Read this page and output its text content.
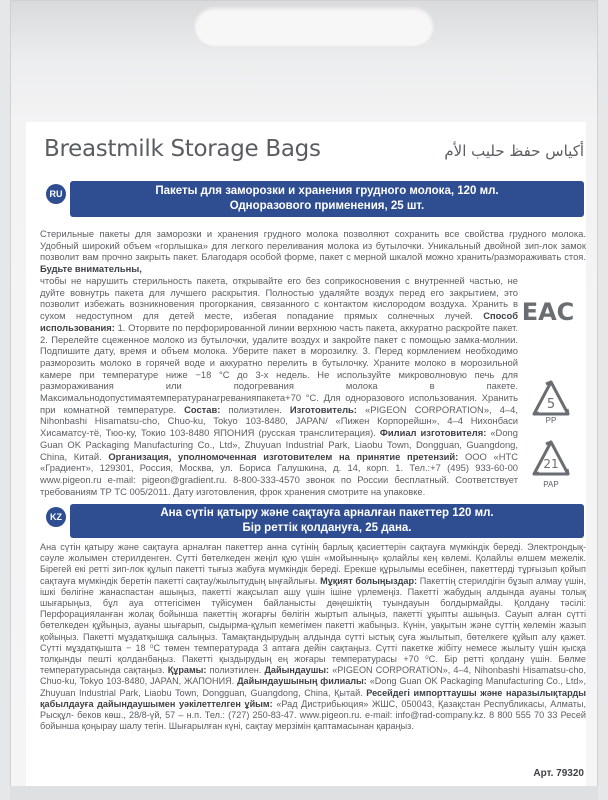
Breastmilk Storage Bags	أكياس حفظ حليب الأم
RU	Пакеты для заморозки и хранения грудного молока, 120 мл.
Одноразового применения, 25 шт.
Стерильные пакеты для заморозки и хранения грудного молока позволяют сохранить все свойства грудного молока. Удобный широкий объем «горлышка» для легкого переливания молока из бутылочки. Уникальный двойной зип-лок замок позволит вам прочно закрыть пакет. Благодаря особой форме, пакет с мерной шкалой можно хранить/размораживать стоя. Будьте внимательны,
чтобы не нарушить стерильность пакета, открывайте его без соприкосновения с внутренней частью, не дуйте вовнутрь пакета для лучшего раскрытия. Полностью удаляйте воздух перед его закрытием, это позволит избежать возникновения прогоркания, связанного с контактом кислородом воздуха. Хранить в сухом недоступном для детей месте, избегая попадание прямых солнечных лучей. Способ использования: 1. Оторвите по перфорированной линии верхнюю часть пакета, аккуратно раскройте пакет. 2. Перелейте сцеженное молоко из бутылочки, удалите воздух и закройте пакет с помощью замка-молнии. Подпишите дату, время и объем молока. Уберите пакет в морозилку. 3. Перед кормлением необходимо разморозить молоко в горячей воде и аккуратно перелить в бутылочку. Храните молоко в морозильной камере при температуре ниже −18 °С до 3-х недель. Не используйте микроволновую печь для размораживания или подогревания молока в пакете. Максимальнодопустимаятемпературанагреванияпакета+70 °С. Для одноразового использования. Хранить при комнатной температуре. Состав: полиэтилен. Изготовитель: «PIGEON CORPORATION», 4–4, Nihonbashi Hisamatsu-cho, Chuo-ku, Tokyo 103-8480, JAPAN/ «Пижен Корпорейшн», 4–4 Нихонбаси Хисаматсу-тё, Тюо-ку, Токио 103-8480 ЯПОНИЯ (русская транслитерация). Филиал изготовителя: «Dong Guan OK Packaging Manufacturing Co., Ltd», Zhuyuan Industrial Park, Liaobu Town, Dongguan, Guangdong, China, Китай. Организация, уполномоченная изготовителем на принятие претензий: ООО «НТС «Градиент», 129301, Россия, Москва, ул. Бориса Галушкина, д. 14, корп. 1. Тел.:+7 (495) 933-60-00 www.pigeon.ru e-mail: pigeon@gradient.ru. 8-800-333-4570 звонок по России бесплатный. Соответствует требованиям ТР ТС 005/2011. Дату изготовления, фрок хранения смотрите на упаковке.
EAC
5
PP
21
PAP
KZ	Ана сүтін қатыру және сақтауға арналған пакеттер 120 мл.
Бір реттік қолдануға, 25 дана.
Ана сүтін қатыру және сақтауға арналған пакеттер анна сүтінің барлық қасиеттерін сақтауға мүмкіндік береді. Электрондық-сәуле жолымен стерилденген. Сүтті бөтелкеден жеңіл құю үшін «мойынның» қолайлы кең көлемі. Қолайлы өлшем межелік. Бірегей екі ретті зип-лок құлып пакетті тығыз жабуға мүмкіндік береді. Ерекше құрылымы есебінен, пакеттерді тұрғызып қойып сақтауға мүмкіндік беретін пакетті сақтау/жылытудың ыңғайлығы. Мұқият болыңыздар: Пакеттің стерилдігін бұзып алмау үшін, ішкі бөлігіне жанаспастан ашыңыз, пакетті жақсылап ашу үшін ішіне үрлемеңіз. Пакетті жабудың алдында ауаны толық шығарыңыз, бұл ауа оттегісімен түйісумен байланысты дөңешіктің туындауын болдырмайды. Қолдану тәсілі: Перфорацияланған жолақ бойынша пакеттің жоғарғы бөлігін жыртып алыңыз, пакетті ұқыпты ашыңыз. Сауып алған сүтті бөтелкеден құйыңыз, ауаны шығарып, сыдырма-құлып кемегімен пакетті жабыңыз. Күнін, уақытын және сүттің көлемін жазып қойыңыз. Пакетті мұздатқышқа салыңыз. Тамақтандырудың алдында сүтті ыстық суға жылытып, бөтелкеге құйып алу қажет. Сүтті мұздатқышта − 18 ⁰С төмен температурада 3 аптаға дейін сақтаңыз. Сүтті пакетке жібіту немесе жылыту үшін қысқа толқынды пешті қолданбаңыз. Пакетті қыздырудың ең жоғары температурасы +70 ⁰С. Бір ретті қолдану үшін. Бөлме температурасында сақтаңыз. Құрамы: полиэтилен. Дайындаушы: «PIGEON CORPORATION», 4–4, Nihonbashi Hisamatsu-cho, Chuo-ku, Tokyo 103-8480, JAPAN, ЖАПОНИЯ. Дайындаушының филиалы: «Dong Guan OK Packaging Manufacturing Co., Ltd», Zhuyuan Industrial Park, Liaobu Town, Dongguan, Guangdong, China, Қытай. Ресейдегі импорттаушы және наразылықтарды қабылдауға дайындаушымен уәкілеттелген ұйым: «Рад Дистрибьюция» ЖШС, 050043, Қазақстан Республикасы, Алматы, Рысқұл- беков көш., 28/8-үй, 57 – н.п. Тел.: (727) 250-83-47. www.pigeon.ru. e-mail: info@rad-company.kz. 8 800 555 70 33 Ресей бойынша қоңырау шалу тегін. Шығарылған күні, сақтау мерзімін қаптамасынан қараңыз.
Арт. 79320
